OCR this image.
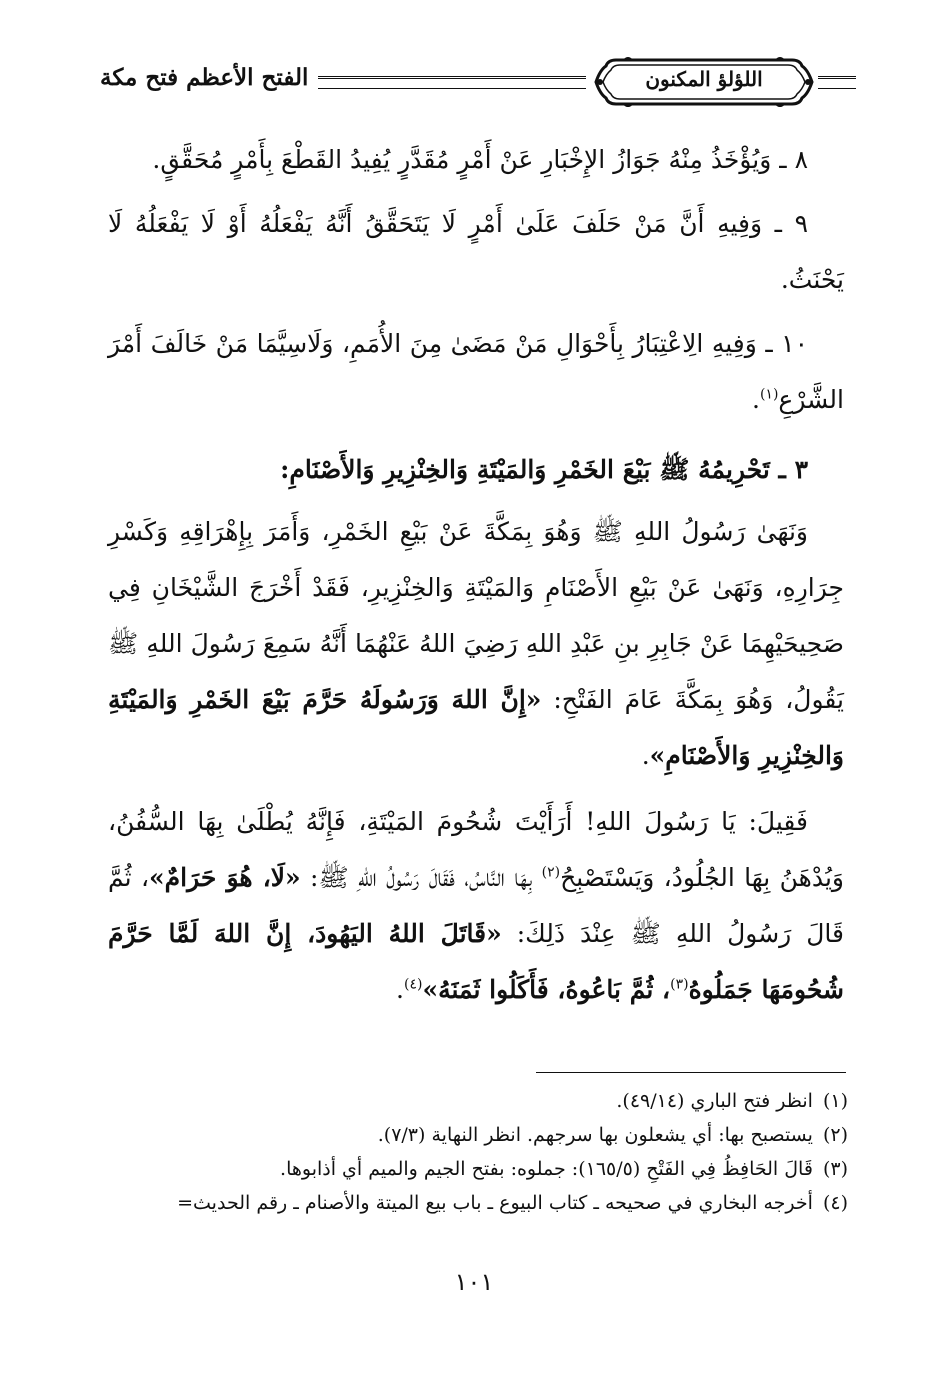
الفتح الأعظم فتح مكة	اللؤلؤ المكنون

٨ ـ وَيُؤْخَذُ مِنْهُ جَوَازُ الإِخْبَارِ عَنْ أَمْرٍ مُقَدَّرٍ يُفِيدُ القَطْعَ بِأَمْرٍ مُحَقَّقٍ.

٩ ـ وَفِيهِ أَنَّ مَنْ حَلَفَ عَلَىٰ أَمْرٍ لَا يَتَحَقَّقُ أَنَّهُ يَفْعَلُهُ أَوْ لَا يَفْعَلُهُ لَا يَحْنَثُ.

١٠ ـ وَفِيهِ الِاعْتِبَارُ بِأَحْوَالِ مَنْ مَضَىٰ مِنَ الأُمَمِ، وَلَاسِيَّمَا مَنْ خَالَفَ أَمْرَ الشَّرْعِ$^{(١)}$.

٣ ـ تَحْرِيمُهُ ﷺ بَيْعَ الخَمْرِ وَالمَيْتَةِ وَالخِنْزِيرِ وَالأَصْنَامِ:

وَنَهَىٰ رَسُولُ اللهِ ﷺ وَهُوَ بِمَكَّةَ عَنْ بَيْعِ الخَمْرِ، وَأَمَرَ بِإِهْرَاقِهِ وَكَسْرِ جِرَارِهِ، وَنَهَىٰ عَنْ بَيْعِ الأَصْنَامِ وَالمَيْتَةِ وَالخِنْزِيرِ، فَقَدْ أَخْرَجَ الشَّيْخَانِ فِي صَحِيحَيْهِمَا عَنْ جَابِرِ بنِ عَبْدِ اللهِ رَضِيَ اللهُ عَنْهُمَا أَنَّهُ سَمِعَ رَسُولَ اللهِ ﷺ يَقُولُ، وَهُوَ بِمَكَّةَ عَامَ الفَتْحِ: «إِنَّ اللهَ وَرَسُولَهُ حَرَّمَ بَيْعَ الخَمْرِ وَالمَيْتَةِ وَالخِنْزِيرِ وَالأَصْنَامِ».

فَقِيلَ: يَا رَسُولَ اللهِ! أَرَأَيْتَ شُحُومَ المَيْتَةِ، فَإِنَّهُ يُطْلَىٰ بِهَا السُّفُنُ، وَيُدْهَنُ بِهَا الجُلُودُ، وَيَسْتَصْبِحُ$^{(٢)}$ بِهَا النَّاسُ، فَقَالَ رَسُولُ اللهِ ﷺ: «لَا، هُوَ حَرَامٌ»، ثُمَّ قَالَ رَسُولُ اللهِ ﷺ عِنْدَ ذَلِكَ: «قَاتَلَ اللهُ اليَهُودَ، إِنَّ اللهَ لَمَّا حَرَّمَ شُحُومَهَا جَمَلُوهُ$^{(٣)}$، ثُمَّ بَاعُوهُ، فَأَكَلُوا ثَمَنَهُ»$^{(٤)}$.

(١)انظر فتح الباري (٤٩/١٤).

(٢)يستصبح بها: أي يشعلون بها سرجهم. انظر النهاية (٧/٣).

(٣)قَالَ الحَافِظُ فِي الفَتْحِ (١٦٥/٥): جملوه: بفتح الجيم والميم أي أذابوها.

(٤)أخرجه البخاري في صحيحه ـ كتاب البيوع ـ باب بيع الميتة والأصنام ـ رقم الحديث=

١٠١
